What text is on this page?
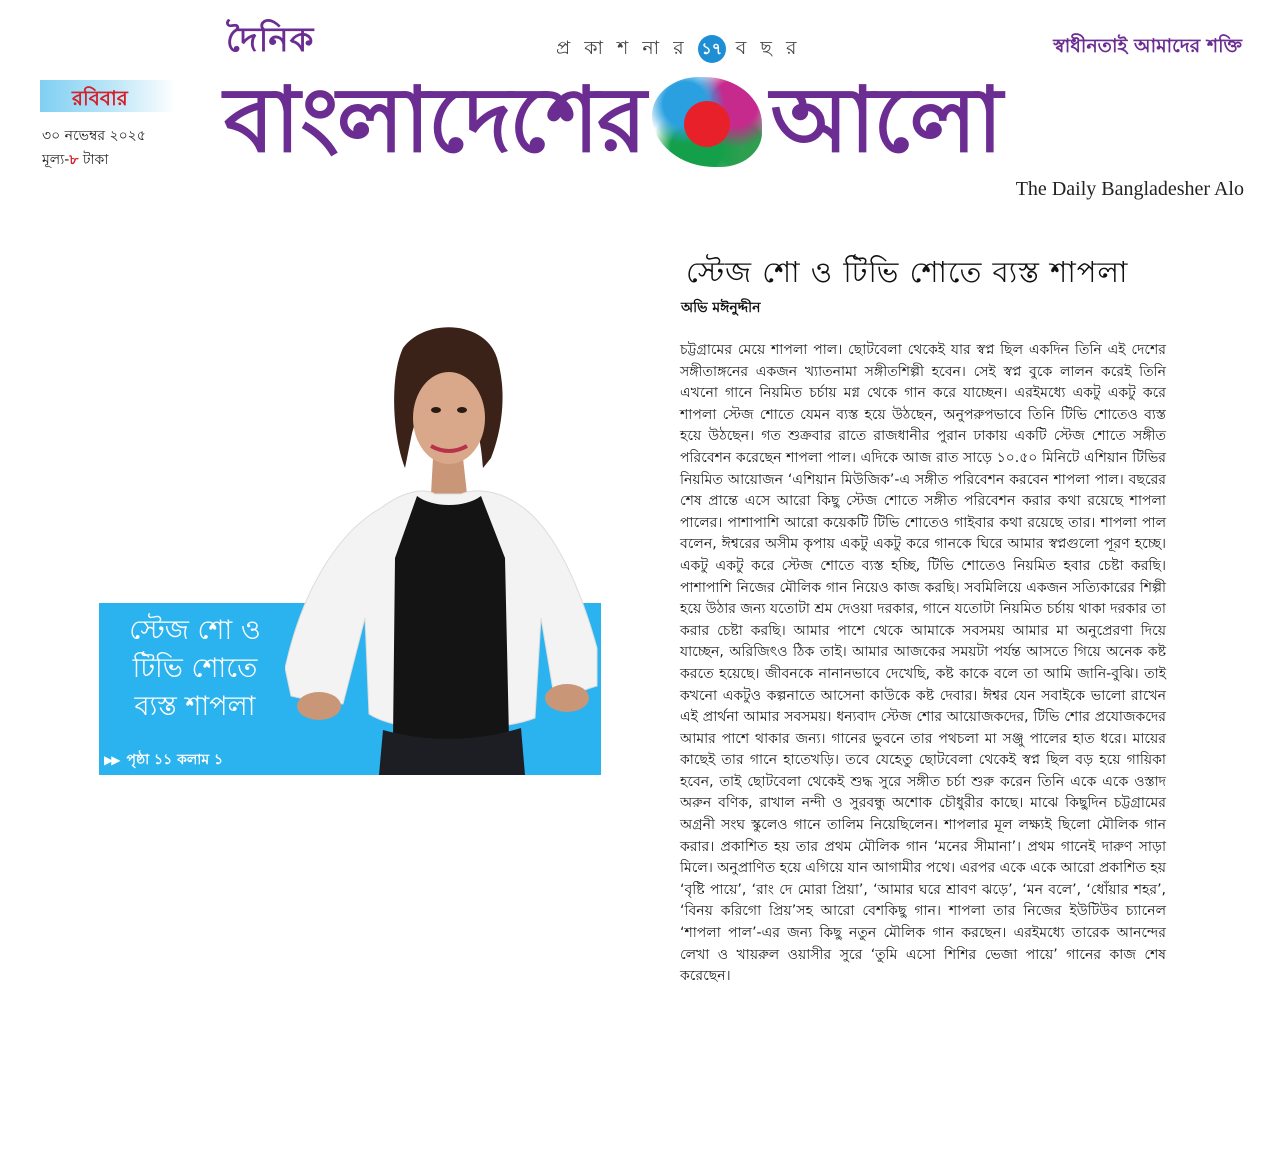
রবিবার
৩০ নভেম্বর ২০২৫
মূল্য-৮ টাকা
দৈনিক	প্র কা শ না র ১৭ ব ছ র	স্বাধীনতাই আমাদের শক্তি
বাংলাদেশের আলো
The Daily Bangladesher Alo
স্টেজ শো ও টিভি শোতে ব্যস্ত শাপলা
অভি মঈনুদ্দীন
চট্টগ্রামের মেয়ে শাপলা পাল। ছোটবেলা থেকেই যার স্বপ্ন ছিল একদিন তিনি এই দেশের সঙ্গীতাঙ্গনের একজন খ্যাতনামা সঙ্গীতশিল্পী হবেন। সেই স্বপ্ন বুকে লালন করেই তিনি এখনো গানে নিয়মিত চর্চায় মগ্ন থেকে গান করে যাচ্ছেন। এরইমধ্যে একটু একটু করে শাপলা স্টেজ শোতে যেমন ব্যস্ত হয়ে উঠছেন, অনুপরুপভাবে তিনি টিভি শোতেও ব্যস্ত হয়ে উঠছেন। গত শুক্রবার রাতে রাজধানীর পুরান ঢাকায় একটি স্টেজ শোতে সঙ্গীত পরিবেশন করেছেন শাপলা পাল। এদিকে আজ রাত সাড়ে ১০.৫০ মিনিটে এশিয়ান টিভির নিয়মিত আয়োজন ‘এশিয়ান মিউজিক’-এ সঙ্গীত পরিবেশন করবেন শাপলা পাল। বছরের শেষ প্রান্তে এসে আরো কিছু স্টেজ শোতে সঙ্গীত পরিবেশন করার কথা রয়েছে শাপলা পালের। পাশাপাশি আরো কয়েকটি টিভি শোতেও গাইবার কথা রয়েছে তার। শাপলা পাল বলেন, ঈশ্বরের অসীম কৃপায় একটু একটু করে গানকে ঘিরে আমার স্বপ্নগুলো পূরণ হচ্ছে। একটু একটু করে স্টেজ শোতে ব্যস্ত হচ্ছি, টিভি শোতেও নিয়মিত হবার চেষ্টা করছি। পাশাপাশি নিজের মৌলিক গান নিয়েও কাজ করছি। সবমিলিয়ে একজন সত্যিকারের শিল্পী হয়ে উঠার জন্য যতোটা শ্রম দেওয়া দরকার, গানে যতোটা নিয়মিত চর্চায় থাকা দরকার তা করার চেষ্টা করছি। আমার পাশে থেকে আমাকে সবসময় আমার মা অনুপ্রেরণা দিয়ে যাচ্ছেন, অরিজিৎও ঠিক তাই। আমার আজকের সময়টা পর্যন্ত আসতে গিয়ে অনেক কষ্ট করতে হয়েছে। জীবনকে নানানভাবে দেখেছি, কষ্ট কাকে বলে তা আমি জানি-বুঝি। তাই কখনো একটুও কল্পনাতে আসেনা কাউকে কষ্ট দেবার। ঈশ্বর যেন সবাইকে ভালো রাখেন এই প্রার্থনা আমার সবসময়। ধন্যবাদ স্টেজ শোর আয়োজকদের, টিভি শোর প্রযোজকদের আমার পাশে থাকার জন্য। গানের ভুবনে তার পথচলা মা সঞ্জু পালের হাত ধরে। মায়ের কাছেই তার গানে হাতেখড়ি। তবে যেহেতু ছোটবেলা থেকেই স্বপ্ন ছিল বড় হয়ে গায়িকা হবেন, তাই ছোটবেলা থেকেই শুদ্ধ সুরে সঙ্গীত চর্চা শুরু করেন তিনি একে একে ওস্তাদ অরুন বণিক, রাখাল নন্দী ও সুরবন্ধু অশোক চৌধুরীর কাছে। মাঝে কিছুদিন চট্টগ্রামের অগ্রনী সংঘ স্কুলেও গানে তালিম নিয়েছিলেন। শাপলার মূল লক্ষ্যই ছিলো মৌলিক গান করার। প্রকাশিত হয় তার প্রথম মৌলিক গান ‘মনের সীমানা’। প্রথম গানেই দারুণ সাড়া মিলে। অনুপ্রাণিত হয়ে এগিয়ে যান আগামীর পথে। এরপর একে একে আরো প্রকাশিত হয় ‘বৃষ্টি পায়ে’, ‘রাং দে মোরা প্রিয়া’, ‘আমার ঘরে শ্রাবণ ঝড়ে’, ‘মন বলে’, ‘ধোঁয়ার শহর’, ‘বিনয় করিগো প্রিয়’সহ আরো বেশকিছু গান। শাপলা তার নিজের ইউটিউব চ্যানেল ‘শাপলা পাল’-এর জন্য কিছু নতুন মৌলিক গান করছেন। এরইমধ্যে তারেক আনন্দের লেখা ও খায়রুল ওয়াসীর সুরে ‘তুমি এসো শিশির ভেজা পায়ে’ গানের কাজ শেষ করেছেন।
স্টেজ শো ও
টিভি শোতে
ব্যস্ত শাপলা
▶▶ পৃষ্ঠা ১১ কলাম ১
